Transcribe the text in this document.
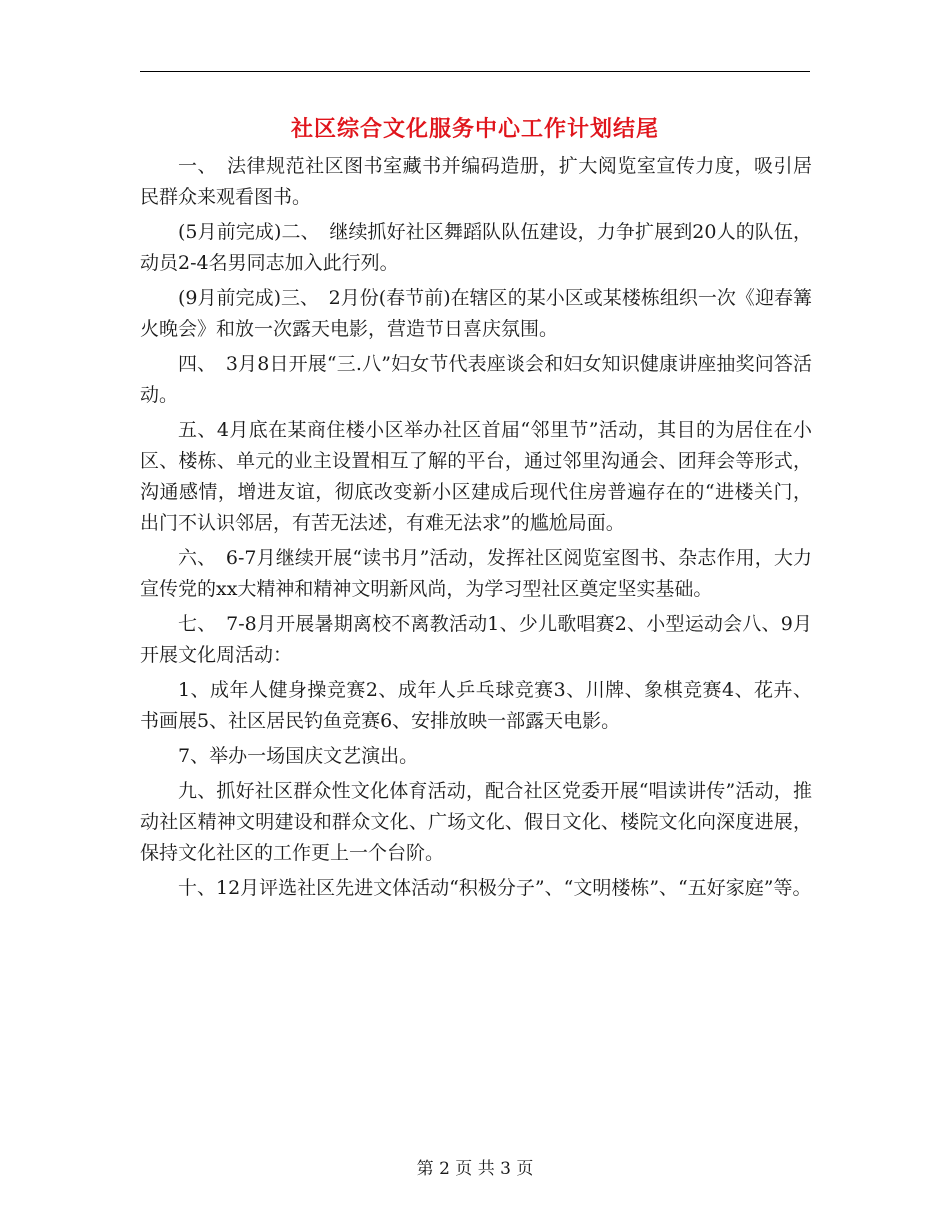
社区综合文化服务中心工作计划结尾

一、　法律规范社区图书室藏书并编码造册，扩大阅览室宣传力度，吸引居民群众来观看图书。

(5月前完成)二、　继续抓好社区舞蹈队队伍建设，力争扩展到20人的队伍，动员2-4名男同志加入此行列。

(9月前完成)三、　2月份(春节前)在辖区的某小区或某楼栋组织一次《迎春篝火晚会》和放一次露天电影，营造节日喜庆氛围。

四、　3月8日开展“三.八”妇女节代表座谈会和妇女知识健康讲座抽奖问答活动。

五、4月底在某商住楼小区举办社区首届“邻里节”活动，其目的为居住在小区、楼栋、单元的业主设置相互了解的平台，通过邻里沟通会、团拜会等形式，沟通感情，增进友谊，彻底改变新小区建成后现代住房普遍存在的“进楼关门，出门不认识邻居，有苦无法述，有难无法求”的尴尬局面。

六、　6-7月继续开展“读书月”活动，发挥社区阅览室图书、杂志作用，大力宣传党的xx大精神和精神文明新风尚，为学习型社区奠定坚实基础。

七、　7-8月开展暑期离校不离教活动1、少儿歌唱赛2、小型运动会八、9月开展文化周活动：

1、成年人健身操竞赛2、成年人乒乓球竞赛3、川牌、象棋竞赛4、花卉、书画展5、社区居民钓鱼竞赛6、安排放映一部露天电影。

7、举办一场国庆文艺演出。

九、抓好社区群众性文化体育活动，配合社区党委开展“唱读讲传”活动，推动社区精神文明建设和群众文化、广场文化、假日文化、楼院文化向深度进展，保持文化社区的工作更上一个台阶。

十、12月评选社区先进文体活动“积极分子”、“文明楼栋”、“五好家庭”等。

第 2 页 共 3 页
